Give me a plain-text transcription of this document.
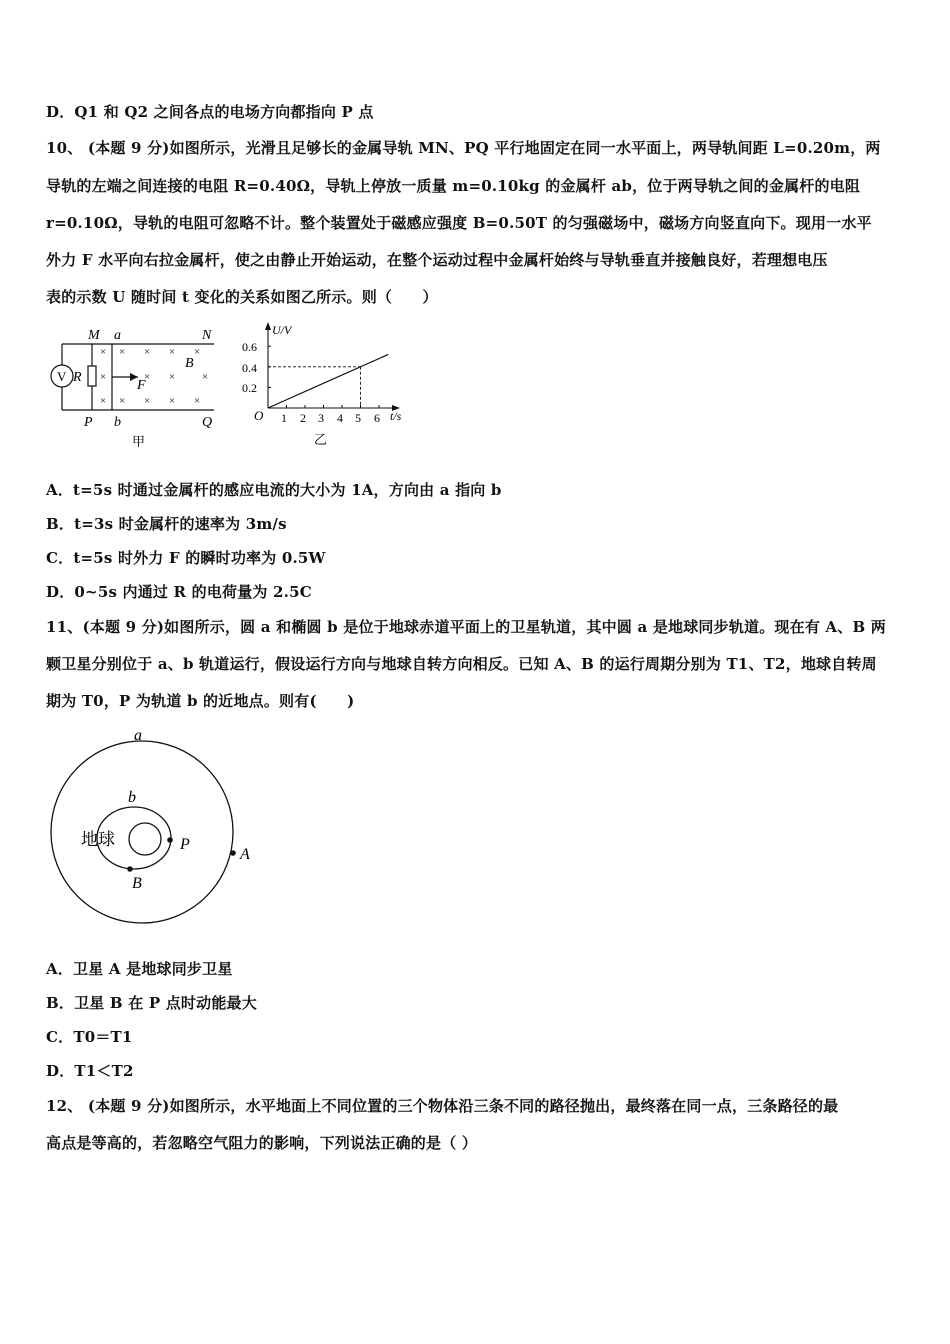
D．Q1 和 Q2 之间各点的电场方向都指向 P 点
10、 (本题 9 分)如图所示，光滑且足够长的金属导轨 MN、PQ 平行地固定在同一水平面上，两导轨间距 L=0.20m，两
导轨的左端之间连接的电阻 R=0.40Ω，导轨上停放一质量 m=0.10kg 的金属杆 ab，位于两导轨之间的金属杆的电阻
r=0.10Ω，导轨的电阻可忽略不计。整个装置处于磁感应强度 B=0.50T 的匀强磁场中，磁场方向竖直向下。现用一水平
外力 F 水平向右拉金属杆，使之由静止开始运动，在整个运动过程中金属杆始终与导轨垂直并接触良好，若理想电压
表的示数 U 随时间 t 变化的关系如图乙所示。则（　　）
V R
M a	N
P b	Q
F
B
× × × × ×
×	× × ×
× × × × ×
甲
U/V
t/s
O
0.2
0.4
0.6
1 2 3 4 5 6
乙
A．t=5s 时通过金属杆的感应电流的大小为 1A，方向由 a 指向 b
B．t=3s 时金属杆的速率为 3m/s
C．t=5s 时外力 F 的瞬时功率为 0.5W
D．0~5s 内通过 R 的电荷量为 2.5C
11、(本题 9 分)如图所示，圆 a 和椭圆 b 是位于地球赤道平面上的卫星轨道，其中圆 a 是地球同步轨道。现在有 A、B 两
颗卫星分别位于 a、b 轨道运行，假设运行方向与地球自转方向相反。已知 A、B 的运行周期分别为 T1、T2，地球自转周
期为 T0，P 为轨道 b 的近地点。则有(　　)
a
b
地球	P
A
B
A．卫星 A 是地球同步卫星
B．卫星 B 在 P 点时动能最大
C．T0＝T1
D．T1＜T2
12、 (本题 9 分)如图所示，水平地面上不同位置的三个物体沿三条不同的路径抛出，最终落在同一点，三条路径的最
高点是等高的，若忽略空气阻力的影响，下列说法正确的是（ ）
